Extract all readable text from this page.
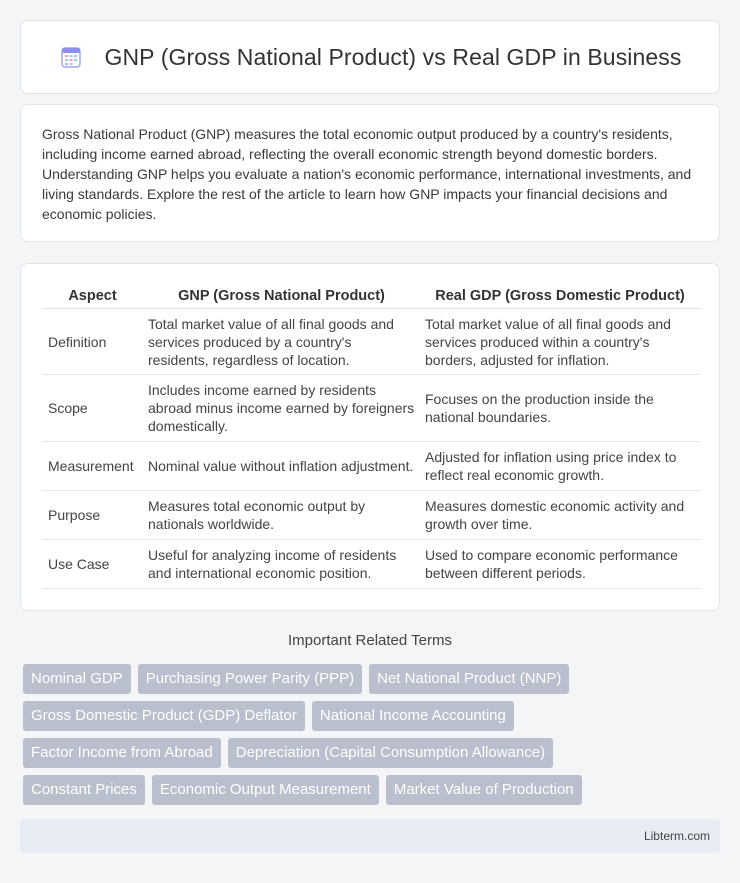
GNP (Gross National Product) vs Real GDP in Business

Gross National Product (GNP) measures the total economic output produced by a country's residents, including income earned abroad, reflecting the overall economic strength beyond domestic borders. Understanding GNP helps you evaluate a nation's economic performance, international investments, and living standards. Explore the rest of the article to learn how GNP impacts your financial decisions and economic policies.

Aspect	GNP (Gross National Product)	Real GDP (Gross Domestic Product)
Definition	Total market value of all final goods and services produced by a country's residents, regardless of location.	Total market value of all final goods and services produced within a country's borders, adjusted for inflation.
Scope	Includes income earned by residents abroad minus income earned by foreigners domestically.	Focuses on the production inside the national boundaries.
Measurement	Nominal value without inflation adjustment.	Adjusted for inflation using price index to reflect real economic growth.
Purpose	Measures total economic output by nationals worldwide.	Measures domestic economic activity and growth over time.
Use Case	Useful for analyzing income of residents and international economic position.	Used to compare economic performance between different periods.
Important Related Terms
Nominal GDP	Purchasing Power Parity (PPP)	Net National Product (NNP)
Gross Domestic Product (GDP) Deflator	National Income Accounting
Factor Income from Abroad	Depreciation (Capital Consumption Allowance)
Constant Prices	Economic Output Measurement	Market Value of Production
Libterm.com
